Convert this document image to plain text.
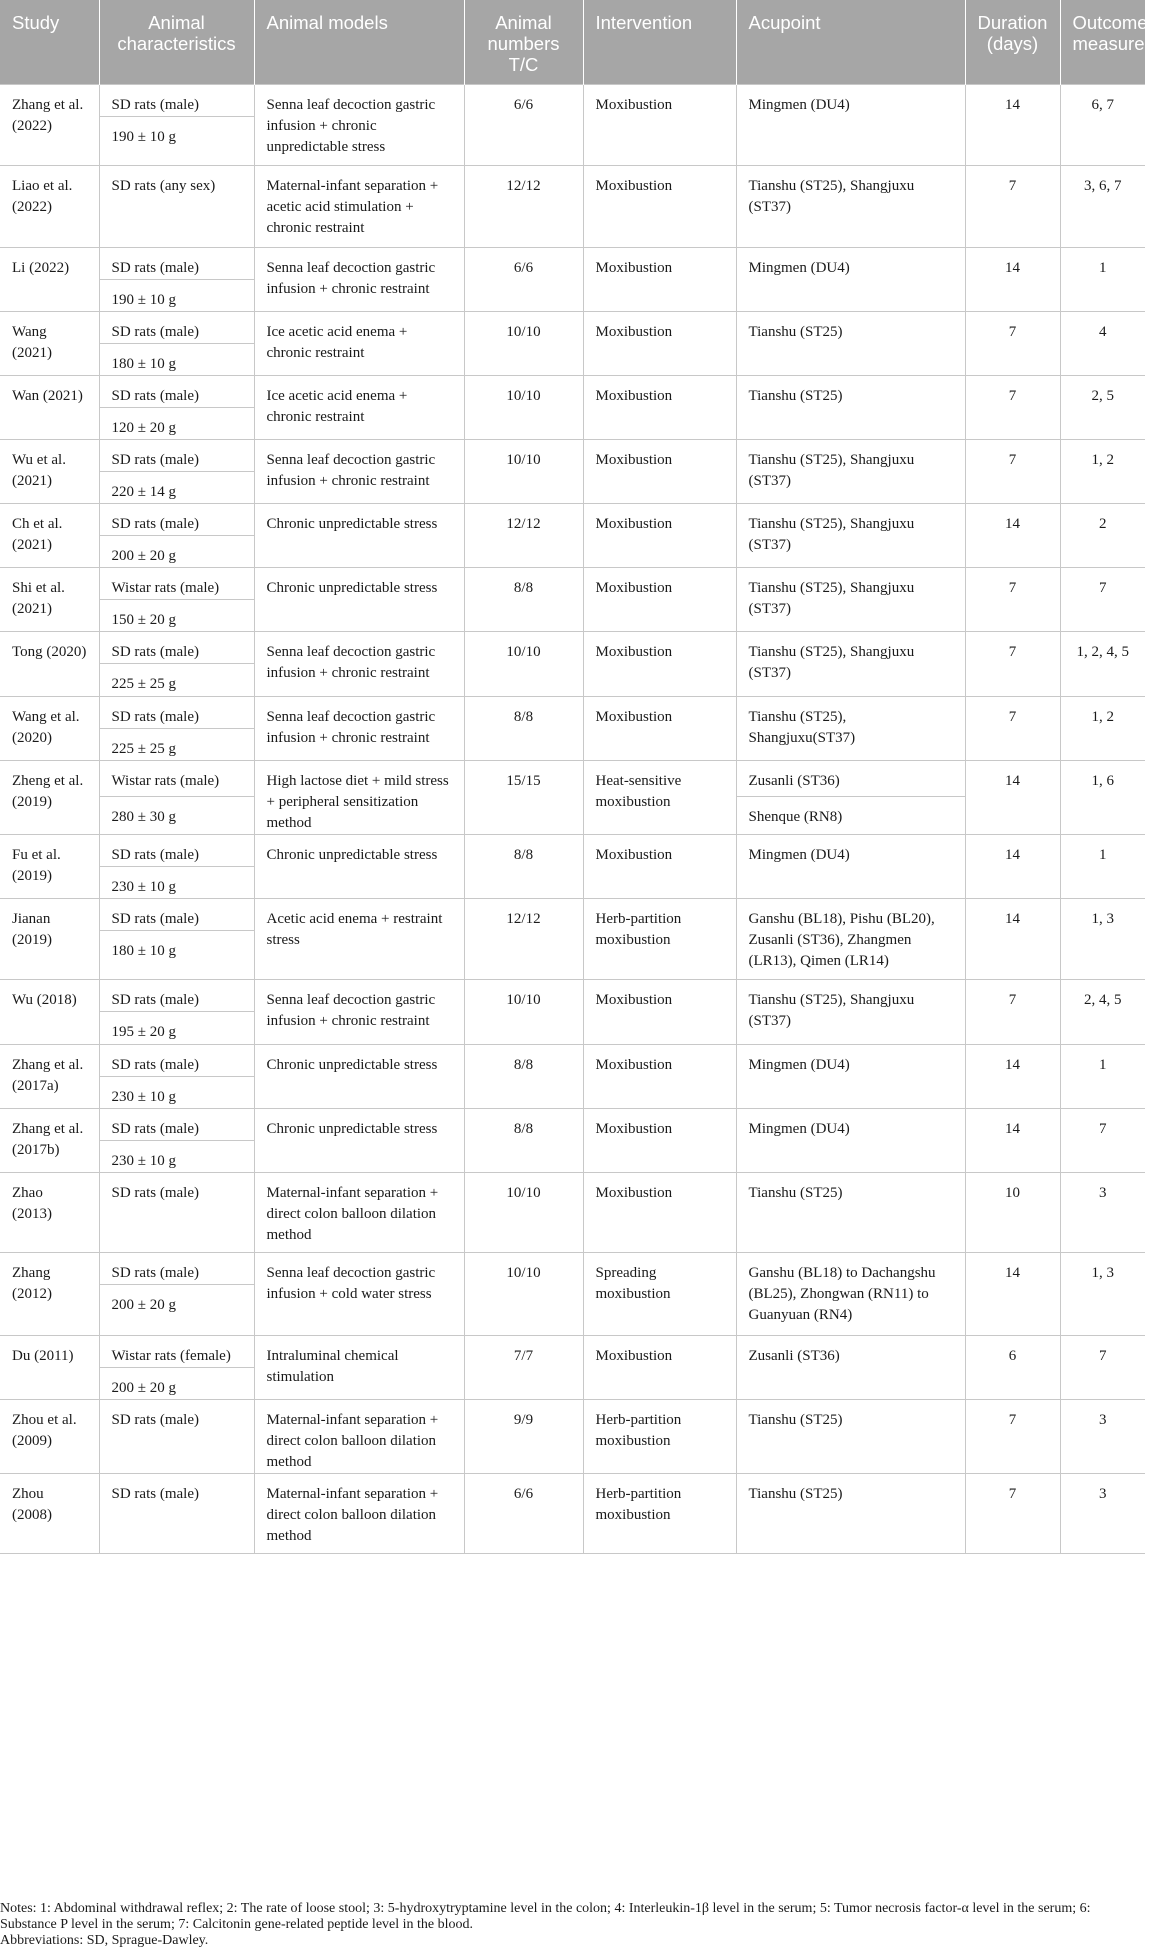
Study	Animal characteristics	Animal models	Animal numbers T/C	Intervention	Acupoint	Duration (days)	Outcome measures
Zhang et al. (2022)	SD rats (male)	Senna leaf decoction gastric infusion + chronic unpredictable stress	6/6	Moxibustion	Mingmen (DU4)	14	6, 7
	190 ± 10 g						
Liao et al. (2022)	SD rats (any sex)	Maternal-infant separation + acetic acid stimulation + chronic restraint	12/12	Moxibustion	Tianshu (ST25), Shangjuxu (ST37)	7	3, 6, 7
Li (2022)	SD rats (male)	Senna leaf decoction gastric infusion + chronic restraint	6/6	Moxibustion	Mingmen (DU4)	14	1
	190 ± 10 g						
Wang (2021)	SD rats (male)	Ice acetic acid enema + chronic restraint	10/10	Moxibustion	Tianshu (ST25)	7	4
	180 ± 10 g						
Wan (2021)	SD rats (male)	Ice acetic acid enema + chronic restraint	10/10	Moxibustion	Tianshu (ST25)	7	2, 5
	120 ± 20 g						
Wu et al. (2021)	SD rats (male)	Senna leaf decoction gastric infusion + chronic restraint	10/10	Moxibustion	Tianshu (ST25), Shangjuxu (ST37)	7	1, 2
	220 ± 14 g						
Ch et al. (2021)	SD rats (male)	Chronic unpredictable stress	12/12	Moxibustion	Tianshu (ST25), Shangjuxu (ST37)	14	2
	200 ± 20 g						
Shi et al. (2021)	Wistar rats (male)	Chronic unpredictable stress	8/8	Moxibustion	Tianshu (ST25), Shangjuxu (ST37)	7	7
	150 ± 20 g						
Tong (2020)	SD rats (male)	Senna leaf decoction gastric infusion + chronic restraint	10/10	Moxibustion	Tianshu (ST25), Shangjuxu (ST37)	7	1, 2, 4, 5
	225 ± 25 g						
Wang et al. (2020)	SD rats (male)	Senna leaf decoction gastric infusion + chronic restraint	8/8	Moxibustion	Tianshu (ST25), Shangjuxu(ST37)	7	1, 2
	225 ± 25 g						
Zheng et al. (2019)	Wistar rats (male)	High lactose diet + mild stress + peripheral sensitization method	15/15	Heat-sensitive moxibustion	Zusanli (ST36)	14	1, 6
	280 ± 30 g				Shenque (RN8)		
Fu et al. (2019)	SD rats (male)	Chronic unpredictable stress	8/8	Moxibustion	Mingmen (DU4)	14	1
	230 ± 10 g						
Jianan (2019)	SD rats (male)	Acetic acid enema + restraint stress	12/12	Herb-partition moxibustion	Ganshu (BL18), Pishu (BL20), Zusanli (ST36), Zhangmen (LR13), Qimen (LR14)	14	1, 3
	180 ± 10 g						
Wu (2018)	SD rats (male)	Senna leaf decoction gastric infusion + chronic restraint	10/10	Moxibustion	Tianshu (ST25), Shangjuxu (ST37)	7	2, 4, 5
	195 ± 20 g						
Zhang et al. (2017a)	SD rats (male)	Chronic unpredictable stress	8/8	Moxibustion	Mingmen (DU4)	14	1
	230 ± 10 g						
Zhang et al. (2017b)	SD rats (male)	Chronic unpredictable stress	8/8	Moxibustion	Mingmen (DU4)	14	7
	230 ± 10 g						
Zhao (2013)	SD rats (male)	Maternal-infant separation + direct colon balloon dilation method	10/10	Moxibustion	Tianshu (ST25)	10	3
Zhang (2012)	SD rats (male)	Senna leaf decoction gastric infusion + cold water stress	10/10	Spreading moxibustion	Ganshu (BL18) to Dachangshu (BL25), Zhongwan (RN11) to Guanyuan (RN4)	14	1, 3
	200 ± 20 g						
Du (2011)	Wistar rats (female)	Intraluminal chemical stimulation	7/7	Moxibustion	Zusanli (ST36)	6	7
	200 ± 20 g						
Zhou et al. (2009)	SD rats (male)	Maternal-infant separation + direct colon balloon dilation method	9/9	Herb-partition moxibustion	Tianshu (ST25)	7	3
Zhou (2008)	SD rats (male)	Maternal-infant separation + direct colon balloon dilation method	6/6	Herb-partition moxibustion	Tianshu (ST25)	7	3
Notes: 1: Abdominal withdrawal reflex; 2: The rate of loose stool; 3: 5-hydroxytryptamine level in the colon; 4: Interleukin-1β level in the serum; 5: Tumor necrosis factor-α level in the serum; 6: Substance P level in the serum; 7: Calcitonin gene-related peptide level in the blood.
Abbreviations: SD, Sprague-Dawley.
